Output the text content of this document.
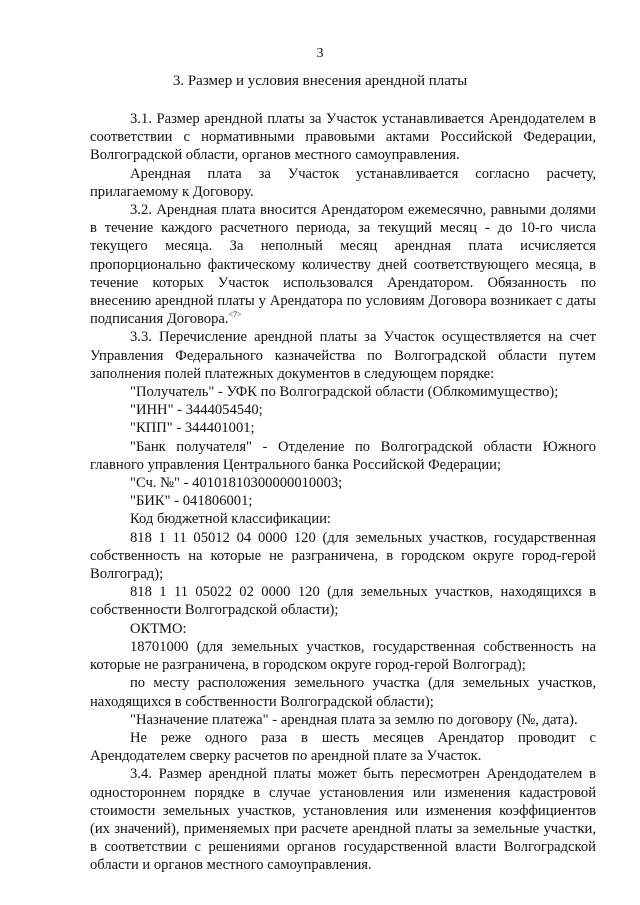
3
3. Размер и условия внесения арендной платы

3.1. Размер арендной платы за Участок устанавливается Арендодателем в соответствии с нормативными правовыми актами Российской Федерации, Волгоградской области, органов местного самоуправления.

Арендная плата за Участок устанавливается согласно расчету, прилагаемому к Договору.

3.2. Арендная плата вносится Арендатором ежемесячно, равными долями в течение каждого расчетного периода, за текущий месяц - до 10-го числа текущего месяца. За неполный месяц арендная плата исчисляется пропорционально фактическому количеству дней соответствующего месяца, в течение которых Участок использовался Арендатором. Обязанность по внесению арендной платы у Арендатора по условиям Договора возникает с даты подписания Договора.$^{<7>}$

3.3. Перечисление арендной платы за Участок осуществляется на счет Управления Федерального казначейства по Волгоградской области путем заполнения полей платежных документов в следующем порядке:

"Получатель" - УФК по Волгоградской области (Облкомимущество);

"ИНН" - 3444054540;

"КПП" - 344401001;

"Банк получателя" - Отделение по Волгоградской области Южного главного управления Центрального банка Российской Федерации;

"Сч. №" - 40101810300000010003;

"БИК" - 041806001;

Код бюджетной классификации:

818 1 11 05012 04 0000 120 (для земельных участков, государственная собственность на которые не разграничена, в городском округе город-герой Волгоград);

818 1 11 05022 02 0000 120 (для земельных участков, находящихся в собственности Волгоградской области);

ОКТМО:

18701000 (для земельных участков, государственная собственность на которые не разграничена, в городском округе город-герой Волгоград);

по месту расположения земельного участка (для земельных участков, находящихся в собственности Волгоградской области);

"Назначение платежа" - арендная плата за землю по договору (№, дата).

Не реже одного раза в шесть месяцев Арендатор проводит с Арендодателем сверку расчетов по арендной плате за Участок.

3.4. Размер арендной платы может быть пересмотрен Арендодателем в одностороннем порядке в случае установления или изменения кадастровой стоимости земельных участков, установления или изменения коэффициентов (их значений), применяемых при расчете арендной платы за земельные участки, в соответствии с решениями органов государственной власти Волгоградской области и органов местного самоуправления.
